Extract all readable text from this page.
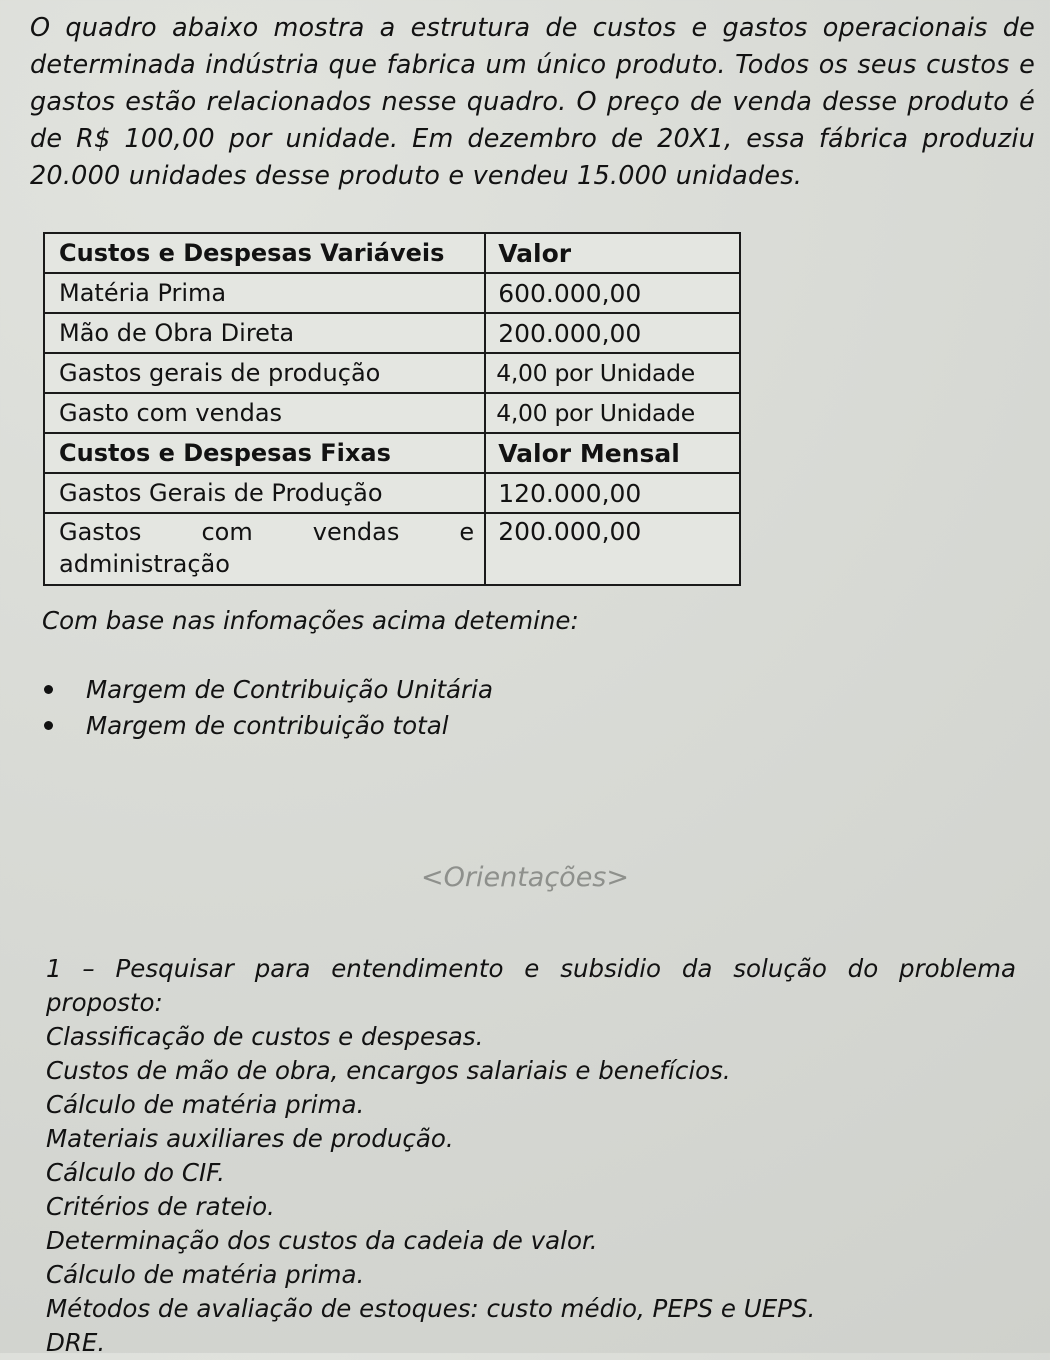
O quadro abaixo mostra a estrutura de custos e gastos operacionais de
determinada indústria que fabrica um único produto. Todos os seus custos e
gastos estão relacionados nesse quadro. O preço de venda desse produto é
de R$ 100,00 por unidade. Em dezembro de 20X1, essa fábrica produziu
20.000 unidades desse produto e vendeu 15.000 unidades.

Custos e Despesas Variáveis	Valor
Matéria Prima	600.000,00
Mão de Obra Direta	200.000,00
Gastos gerais de produção	4,00 por Unidade
Gasto com vendas	4,00 por Unidade
Custos e Despesas Fixas	Valor Mensal
Gastos Gerais de Produção	120.000,00

Gastos com vendas e
administração	200.000,00

Com base nas infomações acima detemine:

Margem de Contribuição Unitária
Margem de contribuição total

<Orientações>

1 – Pesquisar para entendimento e subsidio da solução do problema
proposto:
Classificação de custos e despesas.
Custos de mão de obra, encargos salariais e benefícios.
Cálculo de matéria prima.
Materiais auxiliares de produção.
Cálculo do CIF.
Critérios de rateio.
Determinação dos custos da cadeia de valor.
Cálculo de matéria prima.
Métodos de avaliação de estoques: custo médio, PEPS e UEPS.
DRE.
